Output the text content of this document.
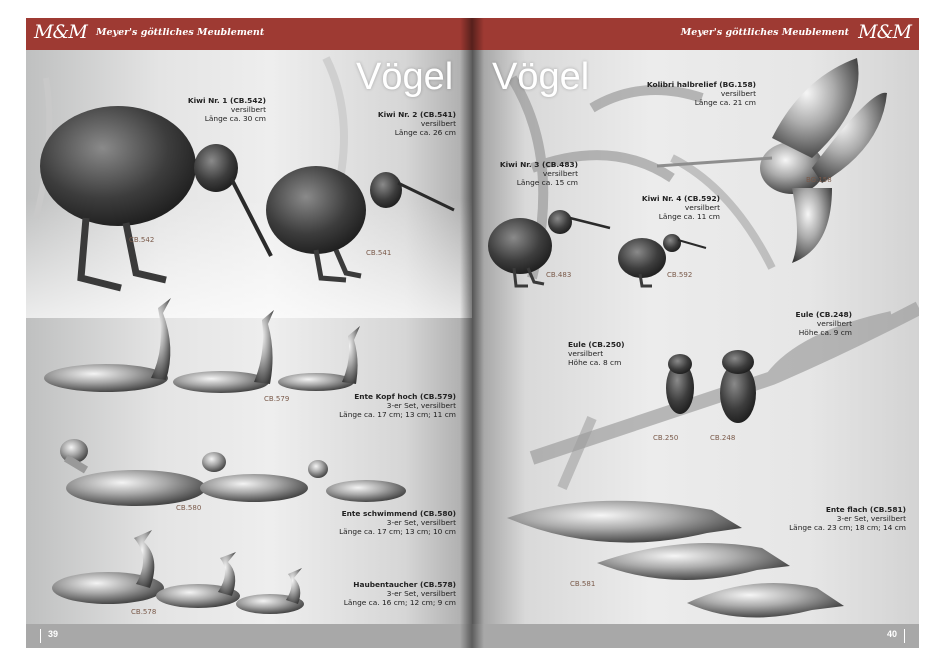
M&M Meyer's göttliches Meublement
Vögel
Kiwi Nr. 1 (CB.542)
versilbert
Länge ca. 30 cm
CB.542
Kiwi Nr. 2 (CB.541)
versilbert
Länge ca. 26 cm
CB.541
CB.579	Ente Kopf hoch (CB.579)
3-er Set, versilbert
Länge ca. 17 cm; 13 cm; 11 cm
CB.580
Ente schwimmend (CB.580)
3-er Set, versilbert
Länge ca. 17 cm; 13 cm; 10 cm
CB.578
Haubentaucher (CB.578)
3-er Set, versilbert
Länge ca. 16 cm; 12 cm; 9 cm
39
Meyer's göttliches Meublement M&M
Vögel	Kolibri halbrelief (BG.158)
versilbert
Länge ca. 21 cm
BG.158
Kiwi Nr. 3 (CB.483)
versilbert
Länge ca. 15 cm
CB.483
Kiwi Nr. 4 (CB.592)
versilbert
Länge ca. 11 cm
CB.592
Eule (CB.248)
versilbert
Höhe ca. 9 cm
CB.248
Eule (CB.250)
versilbert
Höhe ca. 8 cm
CB.250
Ente flach (CB.581)
3-er Set, versilbert
Länge ca. 23 cm; 18 cm; 14 cm
CB.581
40
